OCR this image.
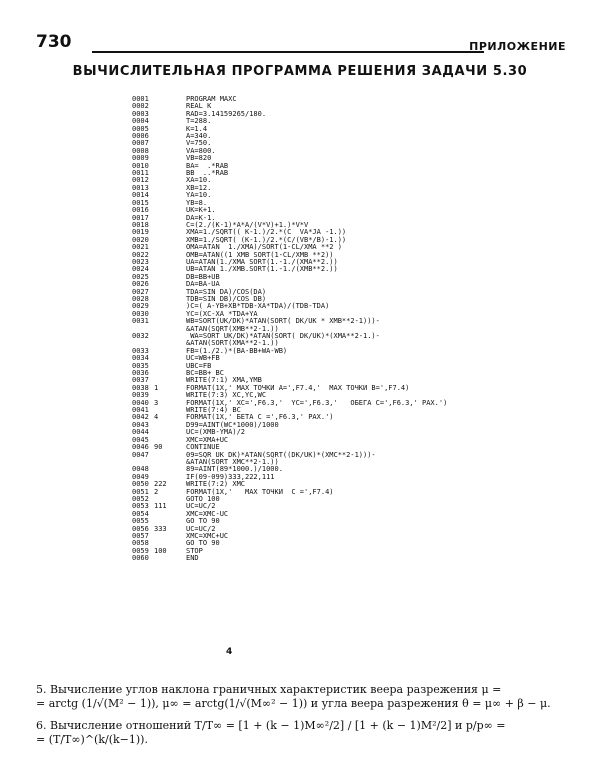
730	ПРИЛОЖЕНИЕ
ВЫЧИСЛИТЕЛЬНАЯ ПРОГРАММА РЕШЕНИЯ ЗАДАЧИ 5.30
0001	PROGRAM MAXC
0002	REAL K
0003	RAD=3.14159265/180.
0004	T=288.
0005	K=1.4
0006	A=340.
0007	V=750.
0008	VA=800.
0009	VB=820
0010	BA=  .*RAB
0011	BB  ..*RAB
0012	XA=10.
0013	XB=12.
0014	YA=10.
0015	YB=8.
0016	UK=K+1.
0017	DA=K-1.
0018	C=(2./(K-1)*A*A/(V*V)+1.)*V*V
0019	XMA=1./SQRT(( K-1.)/2.*(C  VA*JA -1.))
0020	XMB=1./SQRT( (K-1.)/2.*(C/(VB*/B)-1.))
0021	OMA=ATAN  1./XMA)/SORT(1-CL/XMA **2 )
0022	OMB=ATAN((1 XMB SORT(1-CL/XMB **2))
0023	UA=ATAN(1./XMA SORT(1.-1./(XMA**2.))
0024	UB=ATAN 1./XMB.SORT(1.-1./(XMB**2.))
0025	DB=BB+UB
0026	DA=BA-UA
0027	TDA=SIN DA)/COS(DA)
0028	TDB=SIN DB)/COS DB)
0029	)C=( A-YB+XB*TDB-XA*TDA)/(TDB-TDA)
0030	YC=(XC-XA *TDA+YA
0031	WB=SORT(UK/DK)*ATAN(SORT( DK/UK * XMB**2-1)))-
&ATAN(SQRT(XMB**2-1.))
0032	WA=SORT UK/DK)*ATAN(SORT( DK/UK)*(XMA**2-1.)-
&ATAN(SORT(XMA**2-1.))
0033	FB=(1./2.)*(BA-BB+WA-WB)
0034	UC=WB+FB
0035	UBC=FB
0036	BC=BB+ BC
0037	WRITE(7:1) XMA,YMB
0038 1	FORMAT(1X,' MAX TOЧKИ A=',F7.4,'  MAX TOЧKИ B=',F7.4)
0039	WRITE(7:3) XC,YC,WC
0040 3	FORMAT(1X,' XC=',F6.3,'  YC=',F6.3,'   OБEГA C=',F6.3,' PAX.')
0041	WRITE(7:4) BC
0042 4	FORMAT(1X,' БETA C =',F6.3,' PAX.')
0043	D99=AINT(WC*1000)/1000
0044	UC=(XMB-YMA)/2
0045	XMC=XMA+UC
0046 90	CONTINUE
0047	09=SQR UK DK)*ATAN(SQRT((DK/UK)*(XMC**2-1)))-
&ATAN(SORT XMC**2-1.))
0048	89=AINT(89*1000.)/1000.
0049	IF(09-099)333,222,111
0050 222	WRITE(7:2) XMC
0051 2	FORMAT(1X,'   MAX TOЧKИ  C =',F7.4)
0052	GOTO 100
0053 111	UC=UC/2
0054	XMC=XMC-UC
0055	GO TO 90
0056 333	UC=UC/2
0057	XMC=XMC+UC
0058	GO TO 90
0059 100	STOP
0060	END
4
5. Вычисление углов наклона граничных характеристик веера разрежения μ =
= arctg (1/√(M² − 1)), μ∞ = arctg(1/√(M∞² − 1)) и угла веера разрежения θ = μ∞ + β − μ.
6. Вычисление отношений T/T∞ = [1 + (k − 1)M∞²/2] / [1 + (k − 1)M²/2] и p/p∞ =
= (T/T∞)^(k/(k−1)).
